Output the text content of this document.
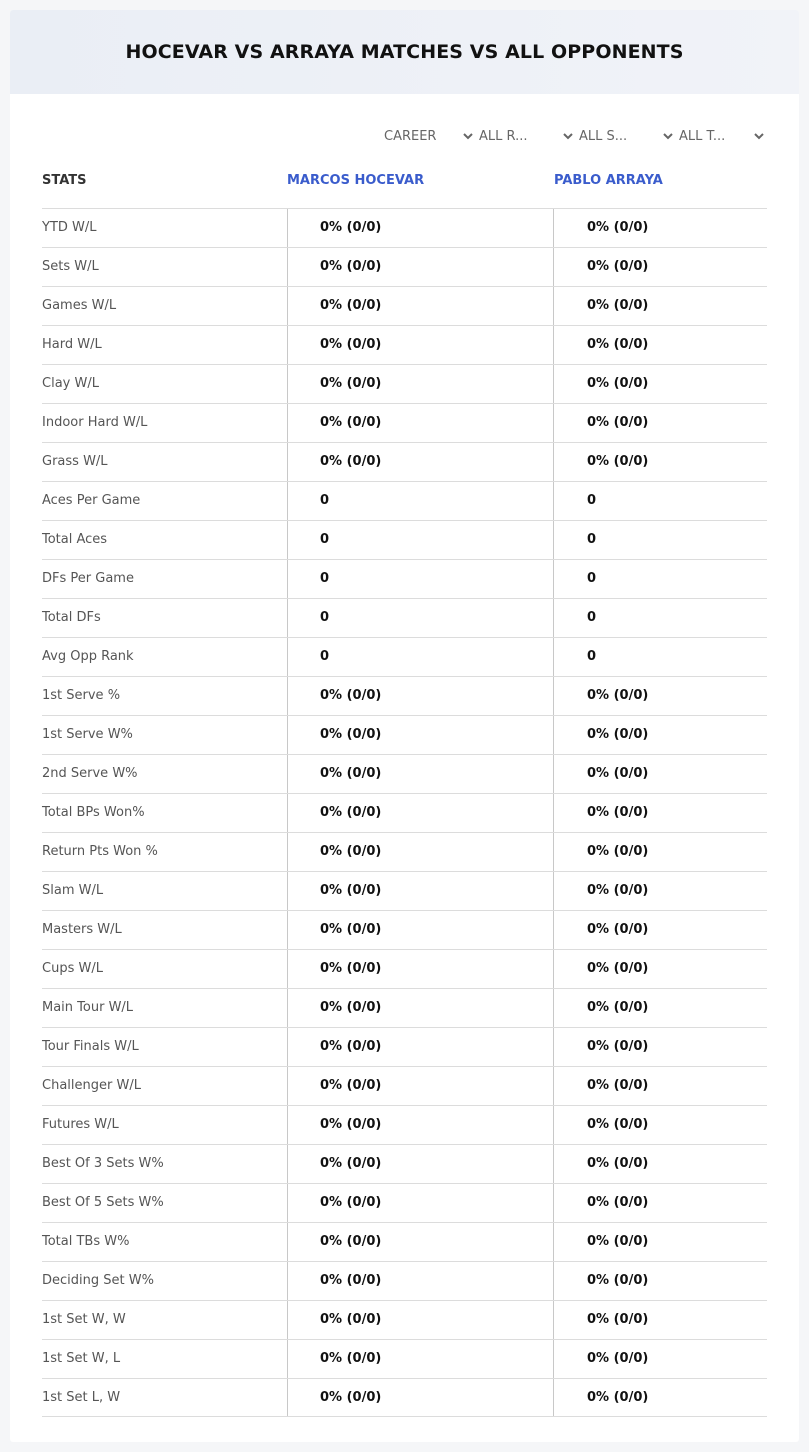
HOCEVAR VS ARRAYA MATCHES VS ALL OPPONENTS
CAREER	ALL R...	ALL S...	ALL T...
STATS	MARCOS HOCEVAR	PABLO ARRAYA
YTD W/L	0% (0/0)	0% (0/0)
Sets W/L	0% (0/0)	0% (0/0)
Games W/L	0% (0/0)	0% (0/0)
Hard W/L	0% (0/0)	0% (0/0)
Clay W/L	0% (0/0)	0% (0/0)
Indoor Hard W/L	0% (0/0)	0% (0/0)
Grass W/L	0% (0/0)	0% (0/0)
Aces Per Game	0	0
Total Aces	0	0
DFs Per Game	0	0
Total DFs	0	0
Avg Opp Rank	0	0
1st Serve %	0% (0/0)	0% (0/0)
1st Serve W%	0% (0/0)	0% (0/0)
2nd Serve W%	0% (0/0)	0% (0/0)
Total BPs Won%	0% (0/0)	0% (0/0)
Return Pts Won %	0% (0/0)	0% (0/0)
Slam W/L	0% (0/0)	0% (0/0)
Masters W/L	0% (0/0)	0% (0/0)
Cups W/L	0% (0/0)	0% (0/0)
Main Tour W/L	0% (0/0)	0% (0/0)
Tour Finals W/L	0% (0/0)	0% (0/0)
Challenger W/L	0% (0/0)	0% (0/0)
Futures W/L	0% (0/0)	0% (0/0)
Best Of 3 Sets W%	0% (0/0)	0% (0/0)
Best Of 5 Sets W%	0% (0/0)	0% (0/0)
Total TBs W%	0% (0/0)	0% (0/0)
Deciding Set W%	0% (0/0)	0% (0/0)
1st Set W, W	0% (0/0)	0% (0/0)
1st Set W, L	0% (0/0)	0% (0/0)
1st Set L, W	0% (0/0)	0% (0/0)
